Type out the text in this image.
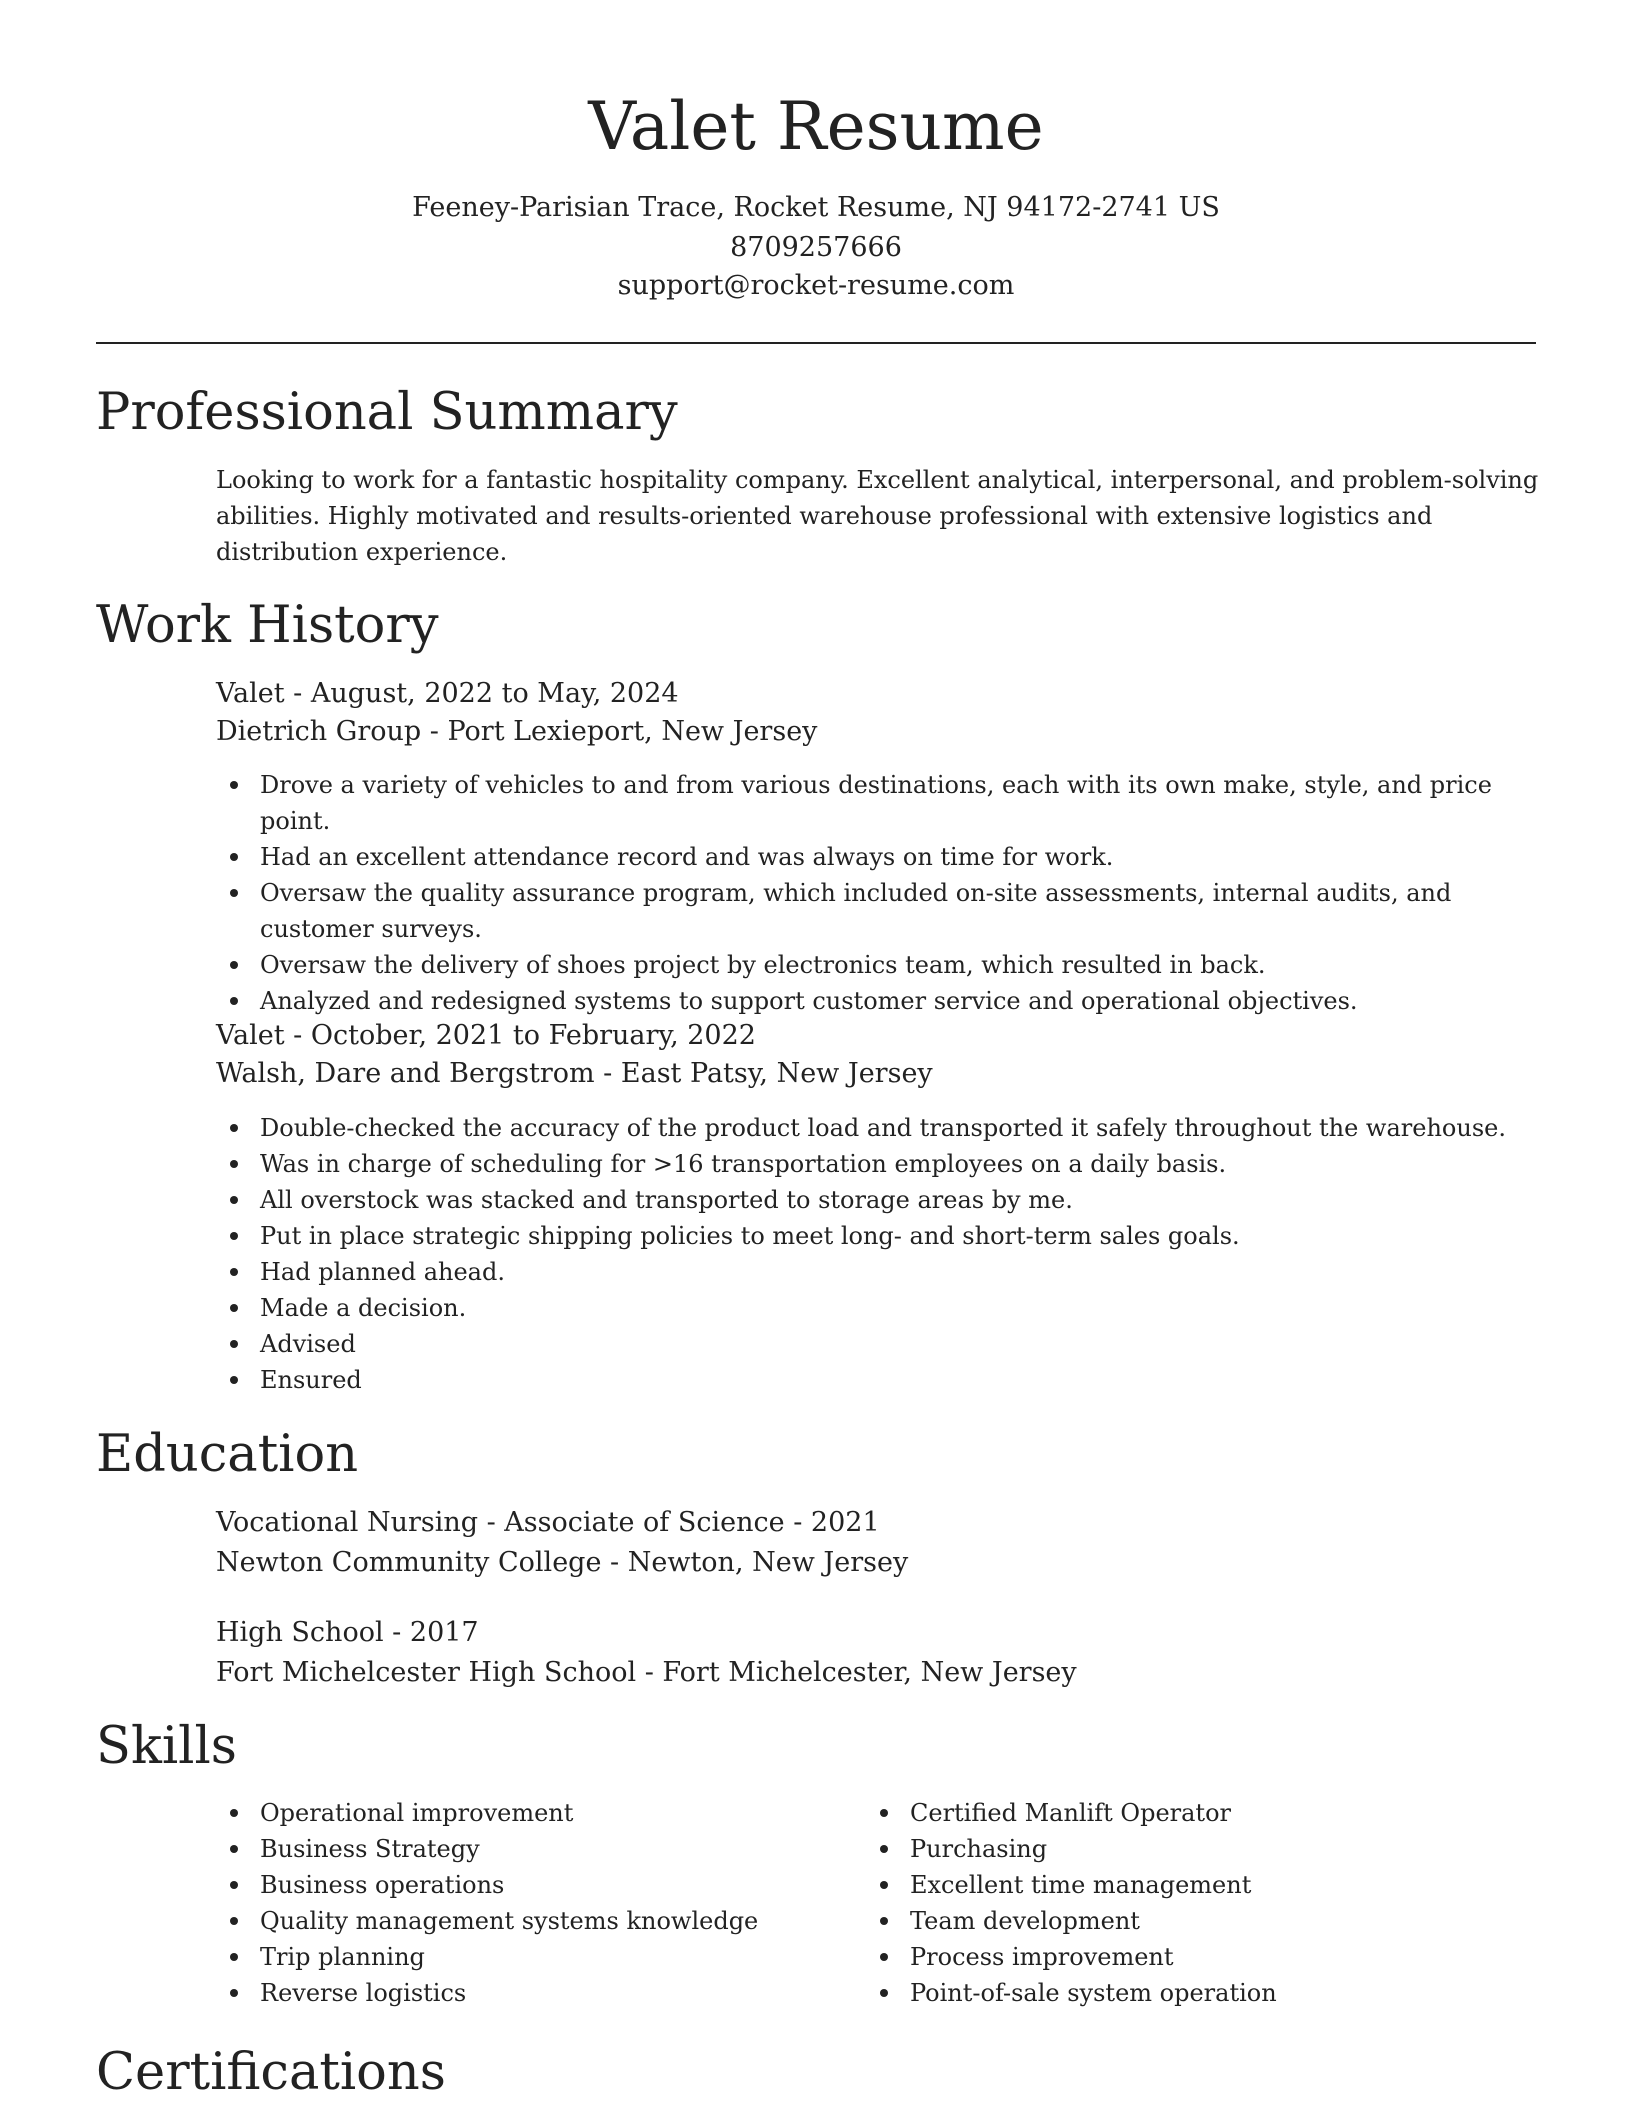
Valet Resume
Feeney-Parisian Trace, Rocket Resume, NJ 94172-2741 US
8709257666
support@rocket-resume.com
Professional Summary
Looking to work for a fantastic hospitality company. Excellent analytical, interpersonal, and problem-solving abilities. Highly motivated and results-oriented warehouse professional with extensive logistics and distribution experience.
Work History
Valet - August, 2022 to May, 2024
Dietrich Group - Port Lexieport, New Jersey
Drove a variety of vehicles to and from various destinations, each with its own make, style, and price point.
Had an excellent attendance record and was always on time for work.
Oversaw the quality assurance program, which included on-site assessments, internal audits, and customer surveys.
Oversaw the delivery of shoes project by electronics team, which resulted in back.
Analyzed and redesigned systems to support customer service and operational objectives.
Valet - October, 2021 to February, 2022
Walsh, Dare and Bergstrom - East Patsy, New Jersey
Double-checked the accuracy of the product load and transported it safely throughout the warehouse.
Was in charge of scheduling for >16 transportation employees on a daily basis.
All overstock was stacked and transported to storage areas by me.
Put in place strategic shipping policies to meet long- and short-term sales goals.
Had planned ahead.
Made a decision.
Advised
Ensured
Education
Vocational Nursing - Associate of Science - 2021
Newton Community College - Newton, New Jersey
High School - 2017
Fort Michelcester High School - Fort Michelcester, New Jersey
Skills
Operational improvement
Business Strategy
Business operations
Quality management systems knowledge
Trip planning
Reverse logistics
Certified Manlift Operator
Purchasing
Excellent time management
Team development
Process improvement
Point-of-sale system operation
Certifications
